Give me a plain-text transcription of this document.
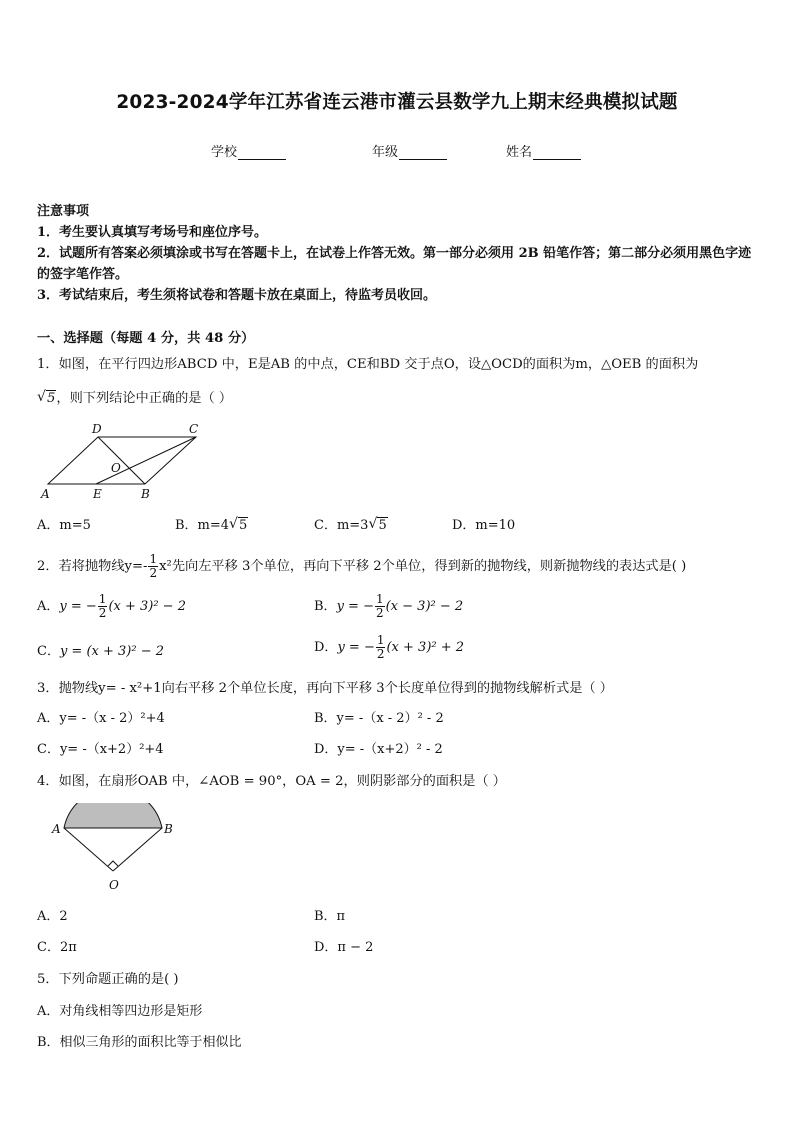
2023-2024学年江苏省连云港市灌云县数学九上期末经典模拟试题
学校	年级	姓名
注意事项
1．考生要认真填写考场号和座位序号。
2．试题所有答案必须填涂或书写在答题卡上，在试卷上作答无效。第一部分必须用 2B 铅笔作答；第二部分必须用黑色字迹的签字笔作答。
3．考试结束后，考生须将试卷和答题卡放在桌面上，待监考员收回。
一、选择题（每题 4 分，共 48 分）
1．如图，在平行四边形ABCD 中，E是AB 的中点，CE和BD 交于点O，设△OCD的面积为m，△OEB 的面积为
√ 5，则下列结论中正确的是（ ）
A	E	B
C
D
O
A．m=5	B．m=4 √ 5	C．m=3 √ 5	D．m=10
2．若将抛物线$y=- \frac{1}{2} x^2$先向左平移 3个单位，再向下平移 2个单位，得到新的抛物线，则新抛物线的表达式是( )
A．y = − $\frac{1}{2} (x + 3)^2 - 2$	B．y = − $\frac{1}{2} (x - 3)^2 - 2$
C．y = (x + 3)² − 2	D．y = − $\frac{1}{2} (x + 3)^2 + 2$
3．抛物线y= - x²+1向右平移 2个单位长度，再向下平移 3个长度单位得到的抛物线解析式是（ ）
A．y= -（x - 2）²+4	B．y= -（x - 2）² - 2
C．y= -（x+2）²+4	D．y= -（x+2）² - 2
4．如图，在扇形OAB 中，∠AOB = 90°，OA = 2，则阴影部分的面积是（ ）
A	B
O
A．2	B．π
C．2π	D．π − 2
5．下列命题正确的是( )
A．对角线相等四边形是矩形
B．相似三角形的面积比等于相似比
